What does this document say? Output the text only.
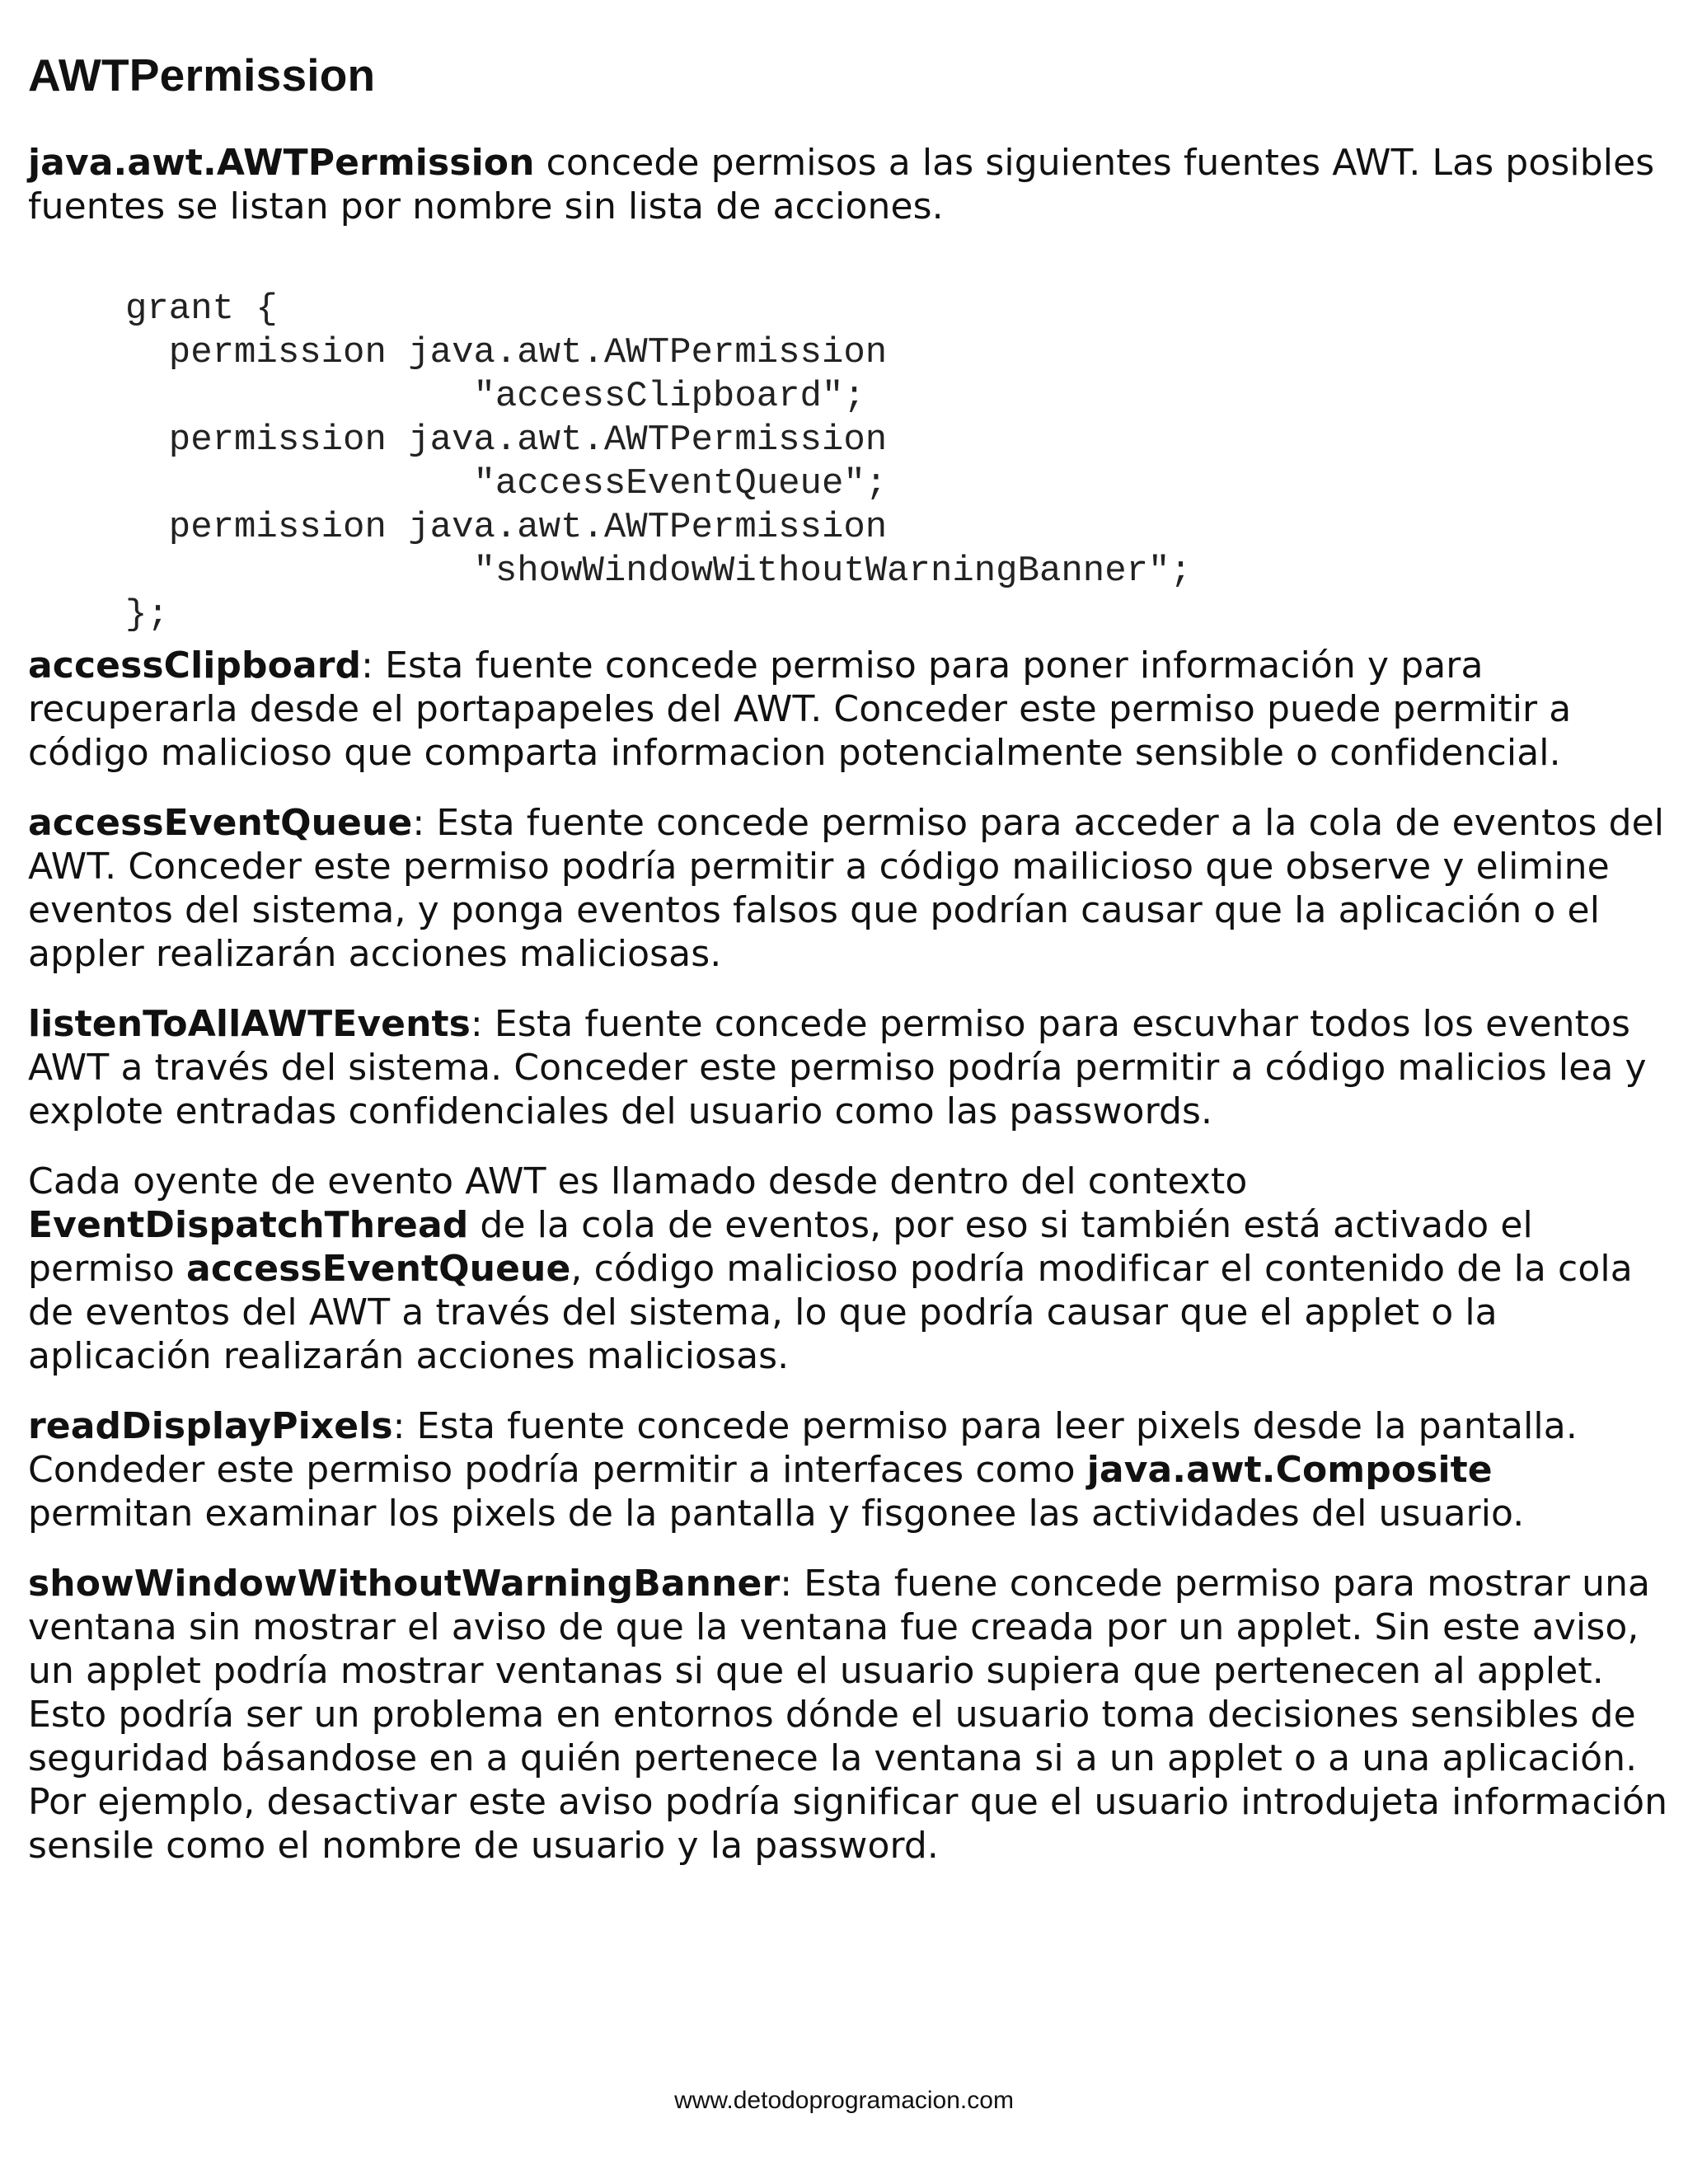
AWTPermission

java.awt.AWTPermission concede permisos a las siguientes fuentes AWT. Las posibles fuentes se listan por nombre sin lista de acciones.

grant {
permission java.awt.AWTPermission
"accessClipboard";
permission java.awt.AWTPermission
"accessEventQueue";
permission java.awt.AWTPermission
"showWindowWithoutWarningBanner";
};

accessClipboard: Esta fuente concede permiso para poner información y para recuperarla desde el portapapeles del AWT. Conceder este permiso puede permitir a código malicioso que comparta informacion potencialmente sensible o confidencial.

accessEventQueue: Esta fuente concede permiso para acceder a la cola de eventos del AWT. Conceder este permiso podría permitir a código mailicioso que observe y elimine eventos del sistema, y ponga eventos falsos que podrían causar que la aplicación o el appler realizarán acciones maliciosas.

listenToAllAWTEvents: Esta fuente concede permiso para escuvhar todos los eventos AWT a través del sistema. Conceder este permiso podría permitir a código malicios lea y explote entradas confidenciales del usuario como las passwords.

Cada oyente de evento AWT es llamado desde dentro del contexto EventDispatchThread de la cola de eventos, por eso si también está activado el permiso accessEventQueue, código malicioso podría modificar el contenido de la cola de eventos del AWT a través del sistema, lo que podría causar que el applet o la aplicación realizarán acciones maliciosas.

readDisplayPixels: Esta fuente concede permiso para leer pixels desde la pantalla. Condeder este permiso podría permitir a interfaces como java.awt.Composite permitan examinar los pixels de la pantalla y fisgonee las actividades del usuario.

showWindowWithoutWarningBanner: Esta fuene concede permiso para mostrar una ventana sin mostrar el aviso de que la ventana fue creada por un applet. Sin este aviso, un applet podría mostrar ventanas si que el usuario supiera que pertenecen al applet. Esto podría ser un problema en entornos dónde el usuario toma decisiones sensibles de seguridad básandose en a quién pertenece la ventana si a un applet o a una aplicación. Por ejemplo, desactivar este aviso podría significar que el usuario introdujeta información sensile como el nombre de usuario y la password.

www.detodoprogramacion.com
